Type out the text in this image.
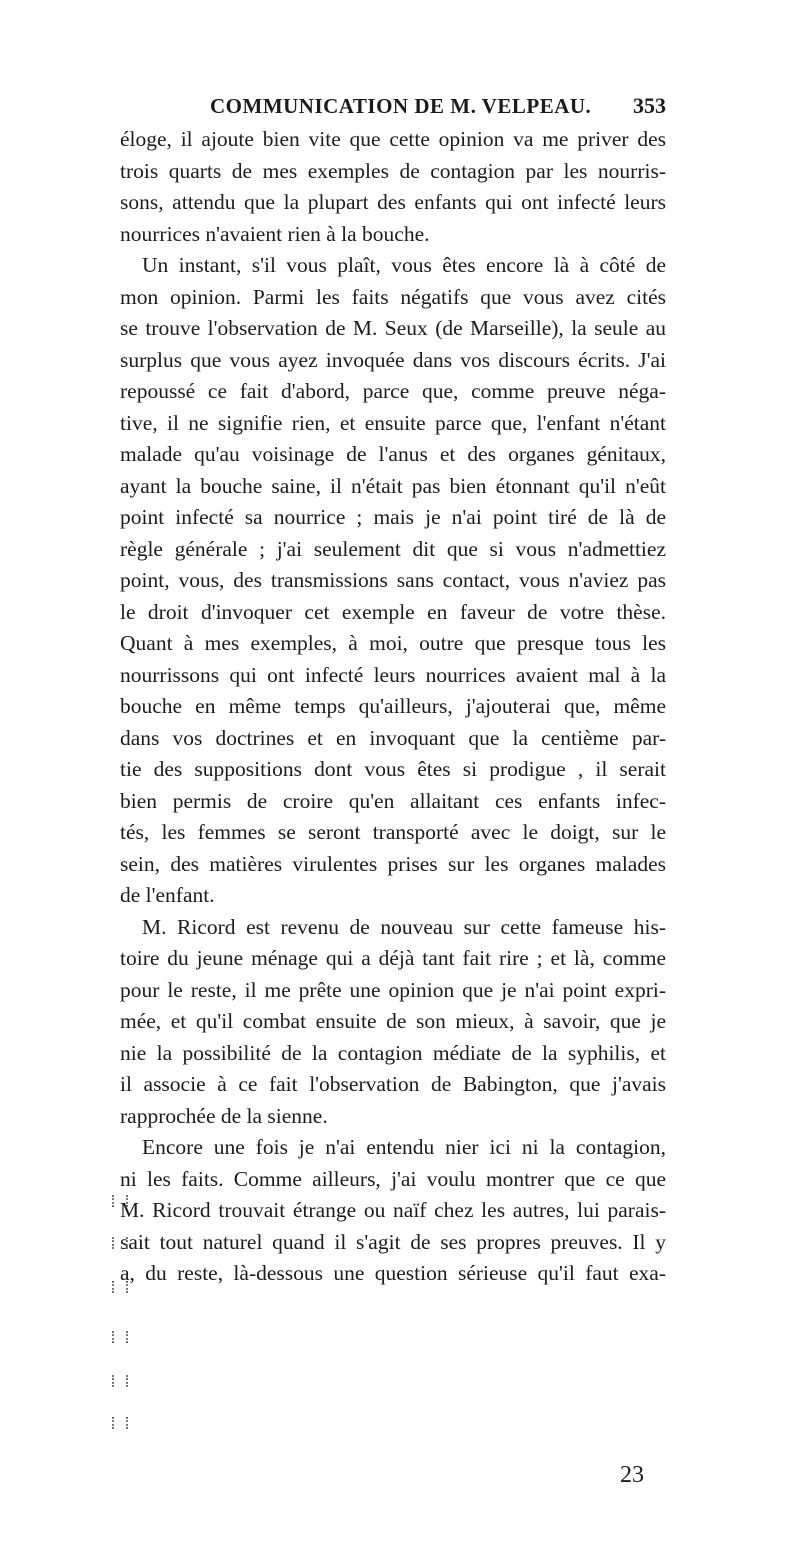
COMMUNICATION DE M. VELPEAU. 353
éloge, il ajoute bien vite que cette opinion va me priver des
trois quarts de mes exemples de contagion par les nourris-
sons, attendu que la plupart des enfants qui ont infecté leurs
nourrices n'avaient rien à la bouche.
Un instant, s'il vous plaît, vous êtes encore là à côté de
mon opinion. Parmi les faits négatifs que vous avez cités
se trouve l'observation de M. Seux (de Marseille), la seule au
surplus que vous ayez invoquée dans vos discours écrits. J'ai
repoussé ce fait d'abord, parce que, comme preuve néga-
tive, il ne signifie rien, et ensuite parce que, l'enfant n'étant
malade qu'au voisinage de l'anus et des organes génitaux,
ayant la bouche saine, il n'était pas bien étonnant qu'il n'eût
point infecté sa nourrice ; mais je n'ai point tiré de là de
règle générale ; j'ai seulement dit que si vous n'admettiez
point, vous, des transmissions sans contact, vous n'aviez pas
le droit d'invoquer cet exemple en faveur de votre thèse.
Quant à mes exemples, à moi, outre que presque tous les
nourrissons qui ont infecté leurs nourrices avaient mal à la
bouche en même temps qu'ailleurs, j'ajouterai que, même
dans vos doctrines et en invoquant que la centième par-
tie des suppositions dont vous êtes si prodigue , il serait
bien permis de croire qu'en allaitant ces enfants infec-
tés, les femmes se seront transporté avec le doigt, sur le
sein, des matières virulentes prises sur les organes malades
de l'enfant.
M. Ricord est revenu de nouveau sur cette fameuse his-
toire du jeune ménage qui a déjà tant fait rire ; et là, comme
pour le reste, il me prête une opinion que je n'ai point expri-
mée, et qu'il combat ensuite de son mieux, à savoir, que je
nie la possibilité de la contagion médiate de la syphilis, et
il associe à ce fait l'observation de Babington, que j'avais
rapprochée de la sienne.
Encore une fois je n'ai entendu nier ici ni la contagion,
ni les faits. Comme ailleurs, j'ai voulu montrer que ce que
M. Ricord trouvait étrange ou naïf chez les autres, lui parais-
sait tout naturel quand il s'agit de ses propres preuves. Il y
a, du reste, là-dessous une question sérieuse qu'il faut exa-
23
